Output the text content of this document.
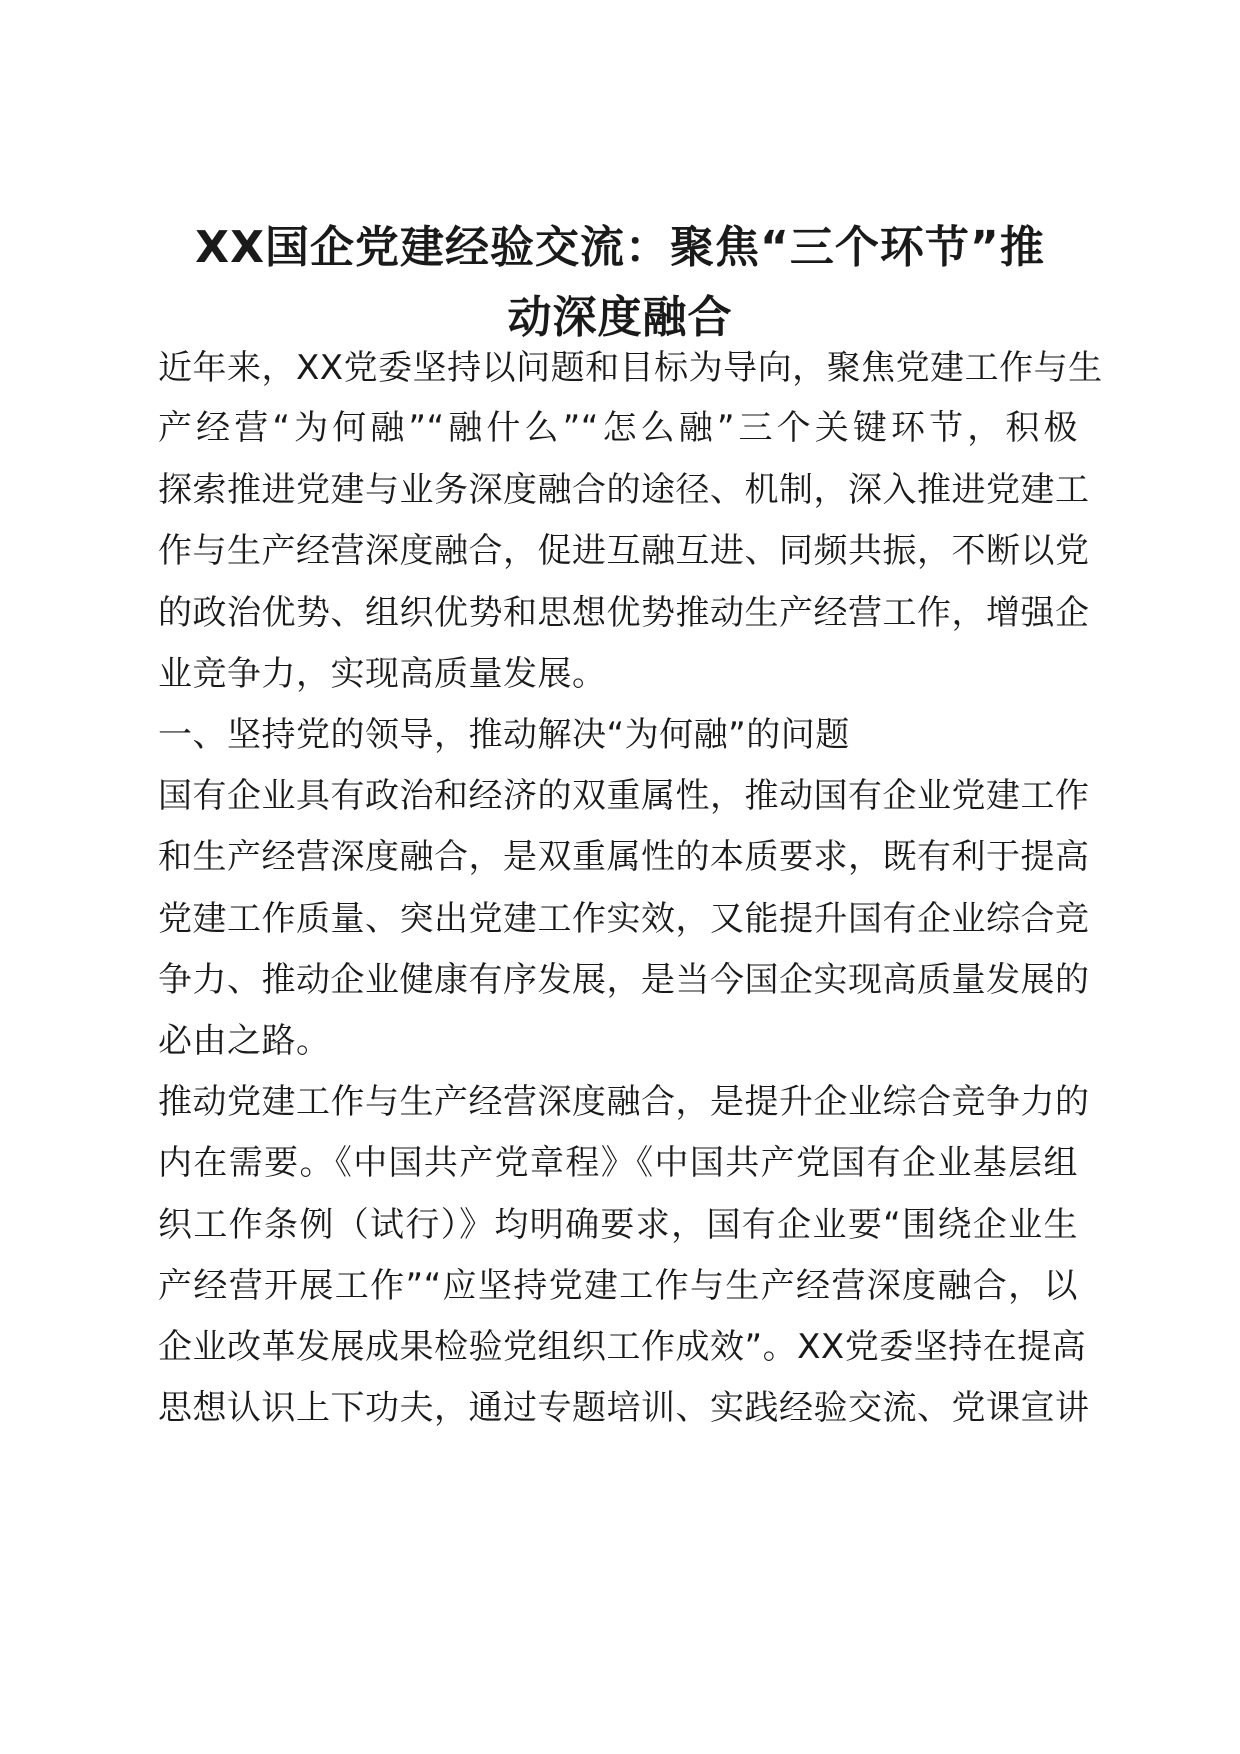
XX国企党建经验交流：聚焦“三个环节”推
动深度融合

近年来，XX党委坚持以问题和目标为导向，聚焦党建工作与生

产经营“为何融”“融什么”“怎么融”三个关键环节，积极

探索推进党建与业务深度融合的途径、机制，深入推进党建工

作与生产经营深度融合，促进互融互进、同频共振，不断以党

的政治优势、组织优势和思想优势推动生产经营工作，增强企

业竞争力，实现高质量发展。

一、坚持党的领导，推动解决“为何融”的问题

国有企业具有政治和经济的双重属性，推动国有企业党建工作

和生产经营深度融合，是双重属性的本质要求，既有利于提高

党建工作质量、突出党建工作实效，又能提升国有企业综合竞

争力、推动企业健康有序发展，是当今国企实现高质量发展的

必由之路。

推动党建工作与生产经营深度融合，是提升企业综合竞争力的

内在需要。《中国共产党章程》《中国共产党国有企业基层组

织工作条例（试行）》均明确要求，国有企业要“围绕企业生

产经营开展工作”“应坚持党建工作与生产经营深度融合，以

企业改革发展成果检验党组织工作成效”。XX党委坚持在提高

思想认识上下功夫，通过专题培训、实践经验交流、党课宣讲
